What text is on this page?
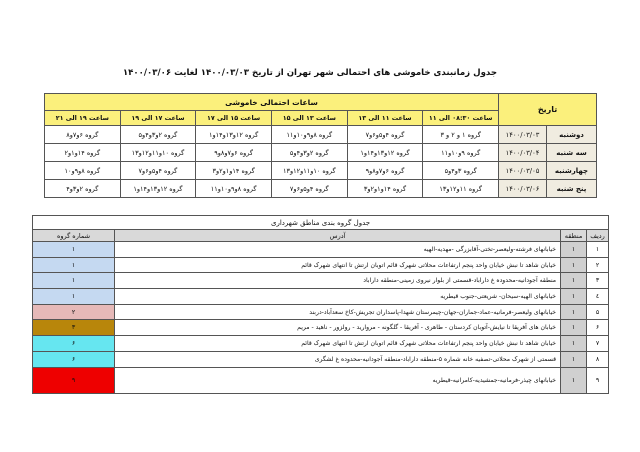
جدول زمانبندی خاموشی های احتمالی شهر تهران از تاریخ ۱۴۰۰/۰۳/۰۳ لغایت ۱۴۰۰/۰۳/۰۶
تاریخ		ساعات احتمالی خاموشی					
		ساعت ۰۸:۳۰ الی ۱۱	ساعت ۱۱ الی ۱۳	ساعت ۱۳ الی ۱۵	ساعت ۱۵ الی ۱۷	ساعت ۱۷ الی ۱۹	ساعت ۱۹ الی ۲۱
دوشنبه	۱۴۰۰/۰۳/۰۳	گروه ۱ و ۲ و ۳	گروه ۴و۵و۶و۷	گروه ۸و۹و۱۰و۱۱	گروه ۱۲و۱۳و۱۴و۱	گروه ۲و۳و۴و۵	گروه ۶و۷و۸
سه شنبه	۱۴۰۰/۰۳/۰۴	گروه ۹و۱۰و۱۱	گروه ۱۲و۱۳و۱۴و۱	گروه ۲و۳و۴و۵	گروه ۶و۷و۸و۹	گروه ۱۰و۱۱و۱۲و۱۳	گروه ۱۴و۱و۲
چهارشنبه	۱۴۰۰/۰۳/۰۵	گروه ۳و۴و۵	گروه ۶و۷و۸و۹	گروه ۱۰و۱۱و۱۲و۱۳	گروه ۱۴و۱و۲و۳	گروه ۴و۵و۶و۷	گروه ۸و۹و۱۰
پنج شنبه	۱۴۰۰/۰۳/۰۶	گروه ۱۱و۱۲و۱۳	گروه ۱۴و۱و۲و۳	گروه ۴و۵و۶و۷	گروه ۸و۹و۱۰و۱۱	گروه ۱۲و۱۳و۱۴و۱	گروه ۲و۳و۴
جدول گروه بندی مناطق شهرداری			
ردیف	منطقه	آدرس	شماره گروه
۱	۱	خیابانهای فرشته-ولیعصر-تختی-آقابزرگی -مهدیه-الهیه	۱
۲	۱	خیابان شاهد تا نبش خیابان واحد پنجم ارتفاعات محلاتی شهرک قائم اتوبان ارتش تا انتهای شهرک قائم	۱
۳	۱	منطقه آجودانیه-محدوده غ داراباد-قسمتی از بلوار نیروی زمینی-منطقه داراباد	۱
٤	۱	خیابانهای الهیه-سیحان- شریعتی-جنوب قیطریه	۱
۵	۱	خیابانهای ولیعصر-فرمانیه-عماد-جماران-جهان-چیمرستان شهدا-پاسداران تجریش-کاخ سعدآباد-دربند	۲
۶	۱	خیابان های آفریقا تا نیایش-آتوبان کردستان - طاهری - آفریقا - گلگونه - مروارید - رولزور - ناهید - مریم	۳
۷	۱	خیابان شاهد تا نبش خیابان واحد پنجم ارتفاعات محلاتی شهرک قائم اتوبان ارتش تا انتهای شهرک قائم	۶
۸	۱	قسمتی از شهرک محلاتی-تصفیه خانه شماره ۵-منطقه داراباد-منطقه آجودانیه-محدوده غ لشگری	۶
۹	۱	خیابانهای چیذر-فرمانیه-جمشیدیه-کامرانیه-قیطریه	۹
